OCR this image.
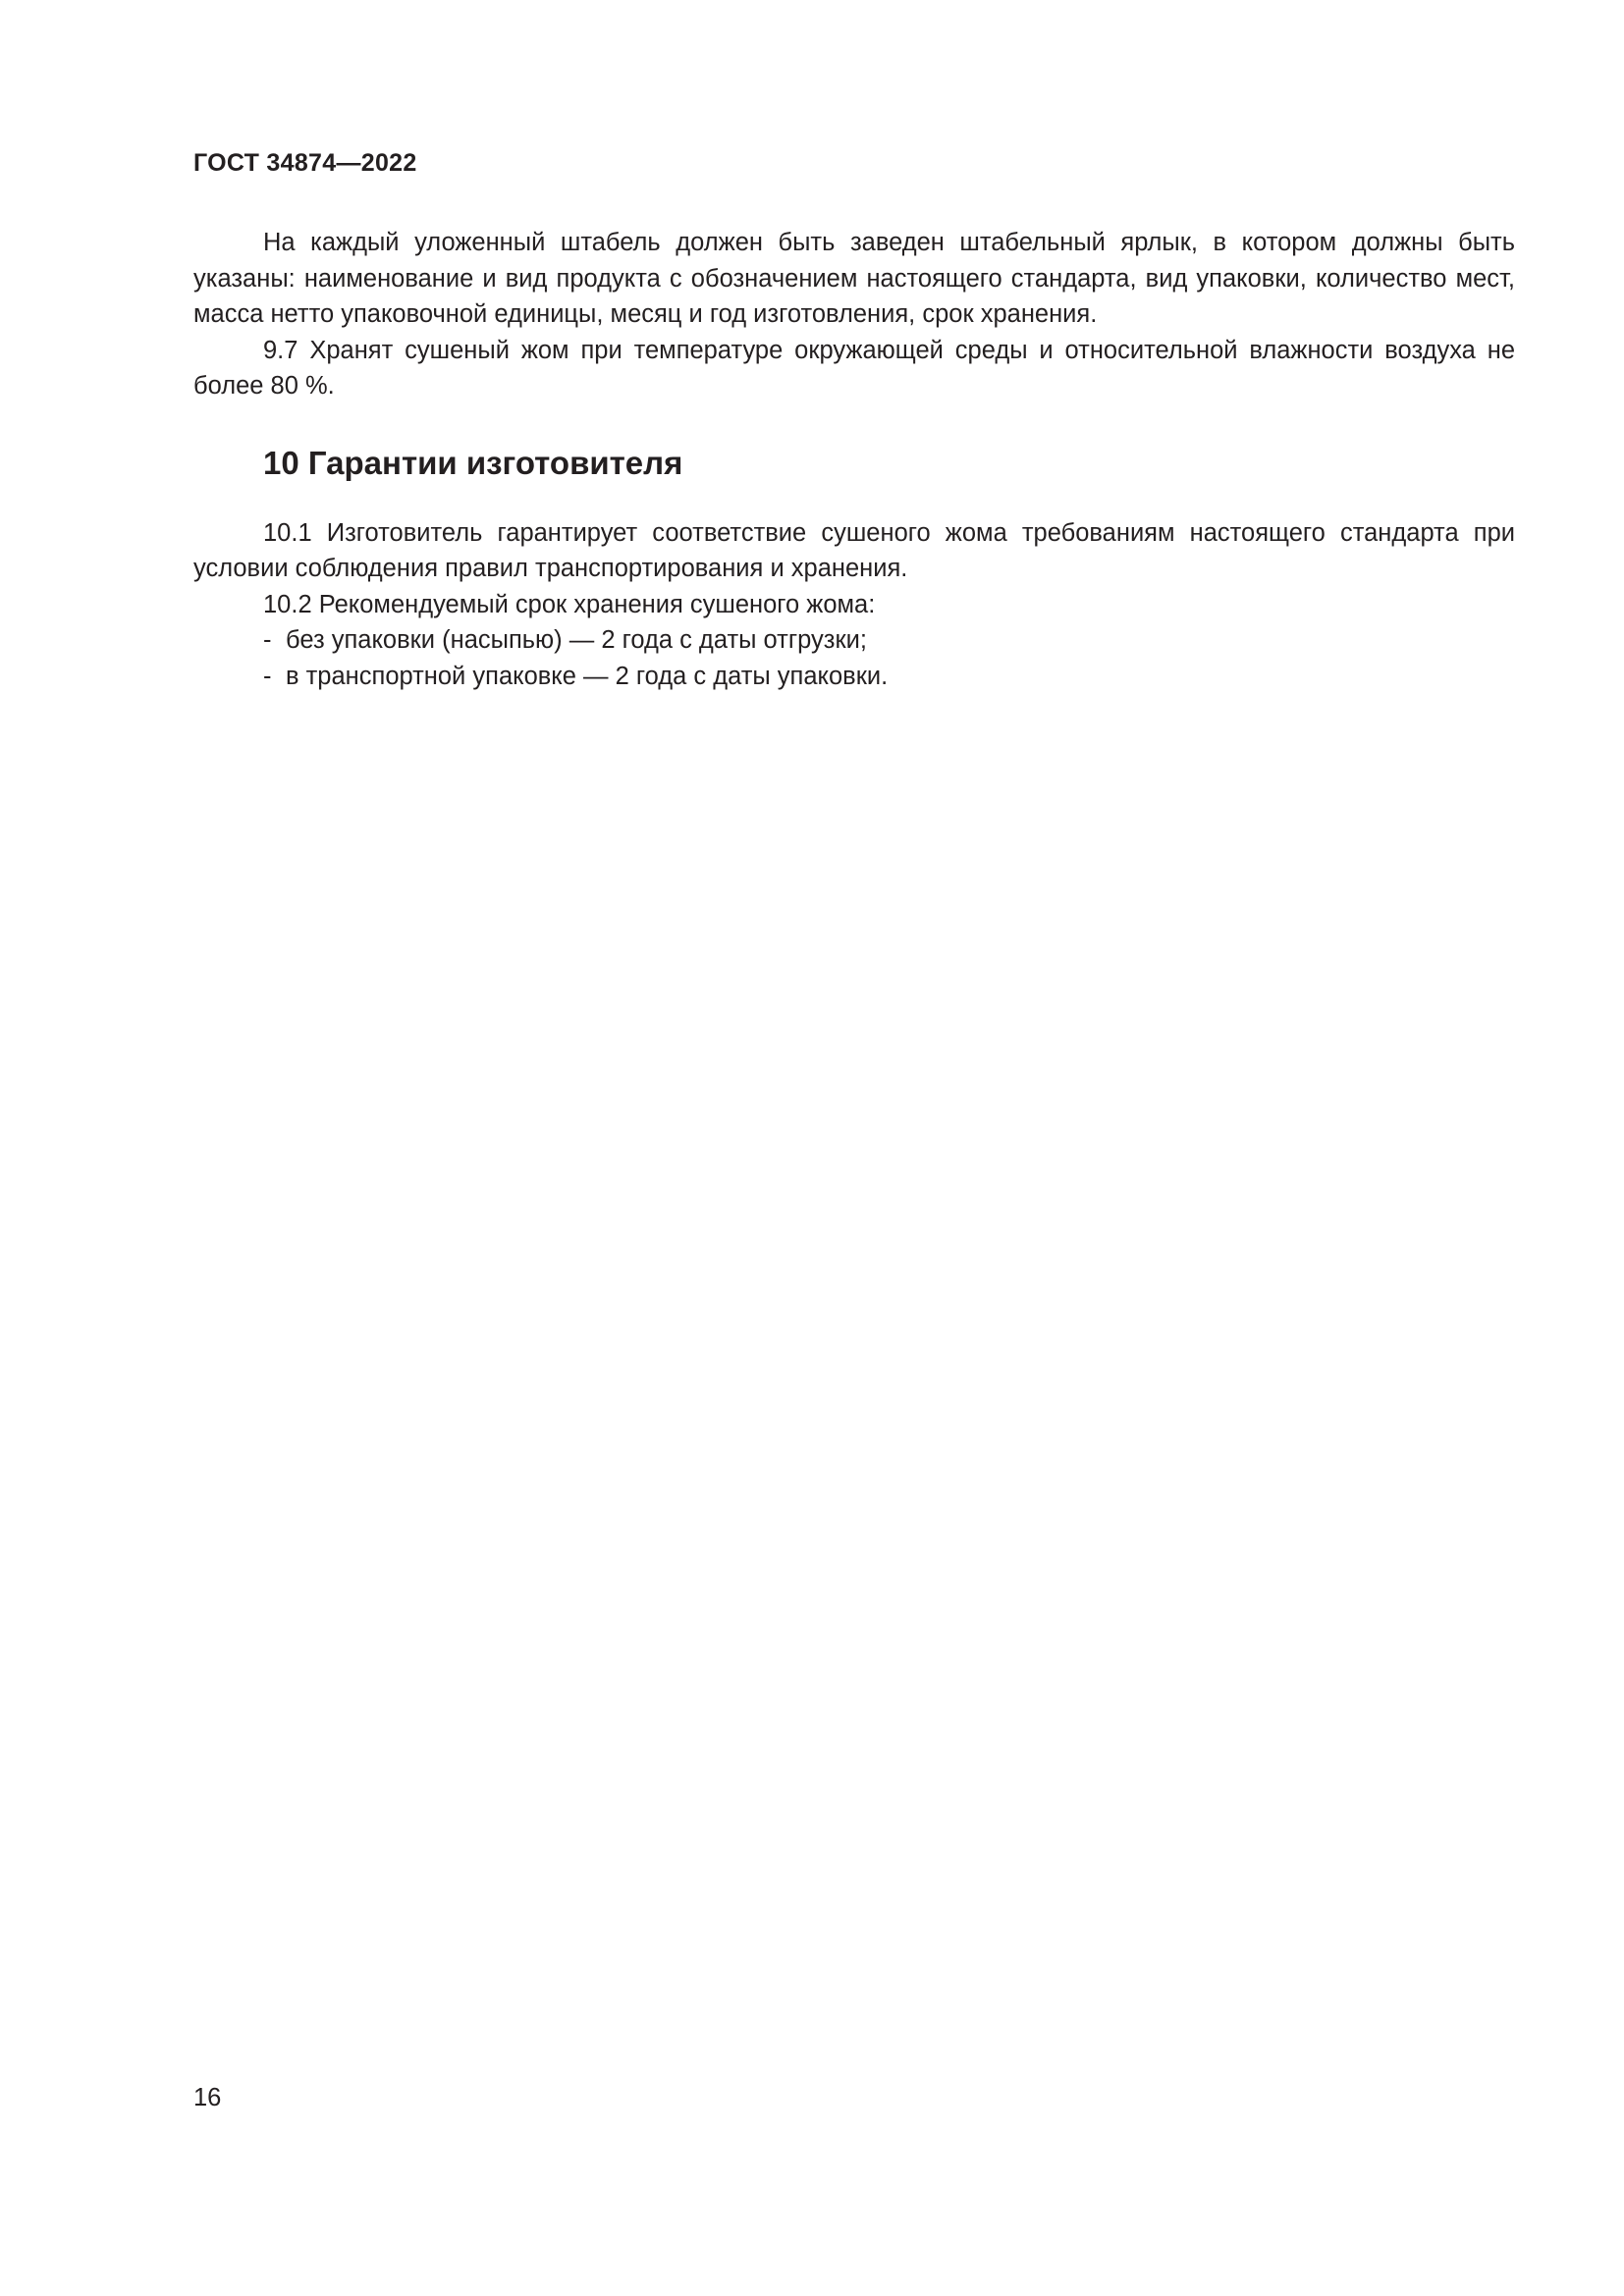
ГОСТ 34874—2022

На каждый уложенный штабель должен быть заведен штабельный ярлык, в котором должны быть указаны: наименование и вид продукта с обозначением настоящего стандарта, вид упаковки, количество мест, масса нетто упаковочной единицы, месяц и год изготовления, срок хранения.

9.7 Хранят сушеный жом при температуре окружающей среды и относительной влажности воздуха не более 80 %.

10 Гарантии изготовителя

10.1 Изготовитель гарантирует соответствие сушеного жома требованиям настоящего стандарта при условии соблюдения правил транспортирования и хранения.

10.2 Рекомендуемый срок хранения сушеного жома:

- без упаковки (насыпью) — 2 года с даты отгрузки;
- в транспортной упаковке — 2 года с даты упаковки.
16
